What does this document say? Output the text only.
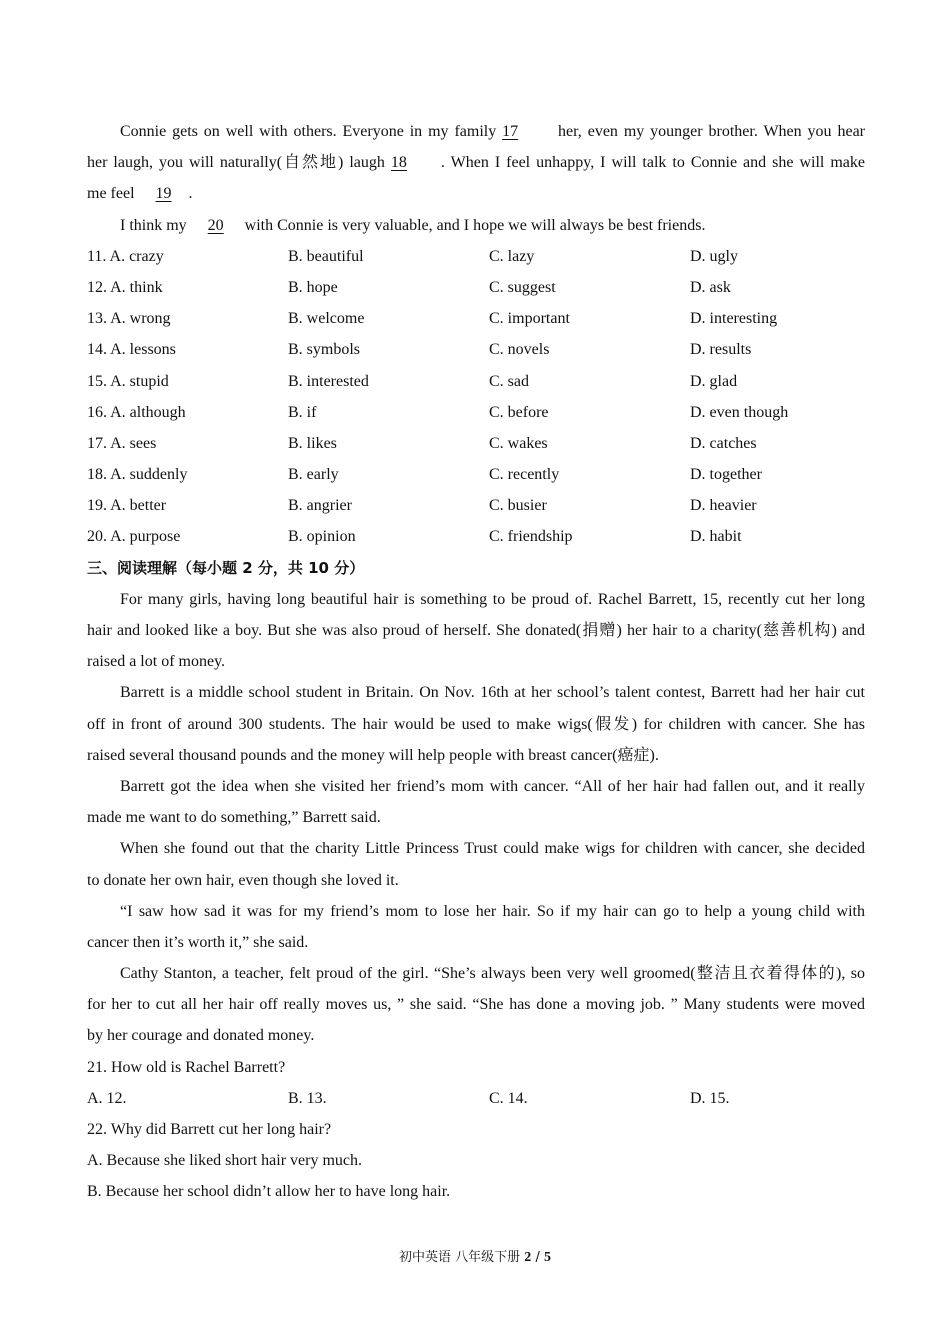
Connie gets on well with others. Everyone in my family 17 her, even my younger brother. When you hear
her laugh, you will naturally(自然地) laugh 18 . When I feel unhappy, I will talk to Connie and she will make
me feel 19 .
I think my 20 with Connie is very valuable, and I hope we will always be best friends.
11. A. crazy	B. beautiful	C. lazy	D. ugly
12. A. think	B. hope	C. suggest	D. ask
13. A. wrong	B. welcome	C. important	D. interesting
14. A. lessons	B. symbols	C. novels	D. results
15. A. stupid	B. interested	C. sad	D. glad
16. A. although	B. if	C. before	D. even though
17. A. sees	B. likes	C. wakes	D. catches
18. A. suddenly	B. early	C. recently	D. together
19. A. better	B. angrier	C. busier	D. heavier
20. A. purpose	B. opinion	C. friendship	D. habit
三、阅读理解（每小题 2 分，共 10 分）
For many girls, having long beautiful hair is something to be proud of. Rachel Barrett, 15, recently cut her long
hair and looked like a boy. But she was also proud of herself. She donated(捐赠) her hair to a charity(慈善机构) and
raised a lot of money.
Barrett is a middle school student in Britain. On Nov. 16th at her school’s talent contest, Barrett had her hair cut
off in front of around 300 students. The hair would be used to make wigs(假发) for children with cancer. She has
raised several thousand pounds and the money will help people with breast cancer(癌症).
Barrett got the idea when she visited her friend’s mom with cancer. “All of her hair had fallen out, and it really
made me want to do something,” Barrett said.
When she found out that the charity Little Princess Trust could make wigs for children with cancer, she decided
to donate her own hair, even though she loved it.
“I saw how sad it was for my friend’s mom to lose her hair. So if my hair can go to help a young child with
cancer then it’s worth it,” she said.
Cathy Stanton, a teacher, felt proud of the girl. “She’s always been very well groomed(整洁且衣着得体的), so
for her to cut all her hair off really moves us, ” she said. “She has done a moving job. ” Many students were moved
by her courage and donated money.
21. How old is Rachel Barrett?
A. 12.	B. 13.	C. 14.	D. 15.
22. Why did Barrett cut her long hair?
A. Because she liked short hair very much.
B. Because her school didn’t allow her to have long hair.
初中英语 八年级下册 2 / 5
